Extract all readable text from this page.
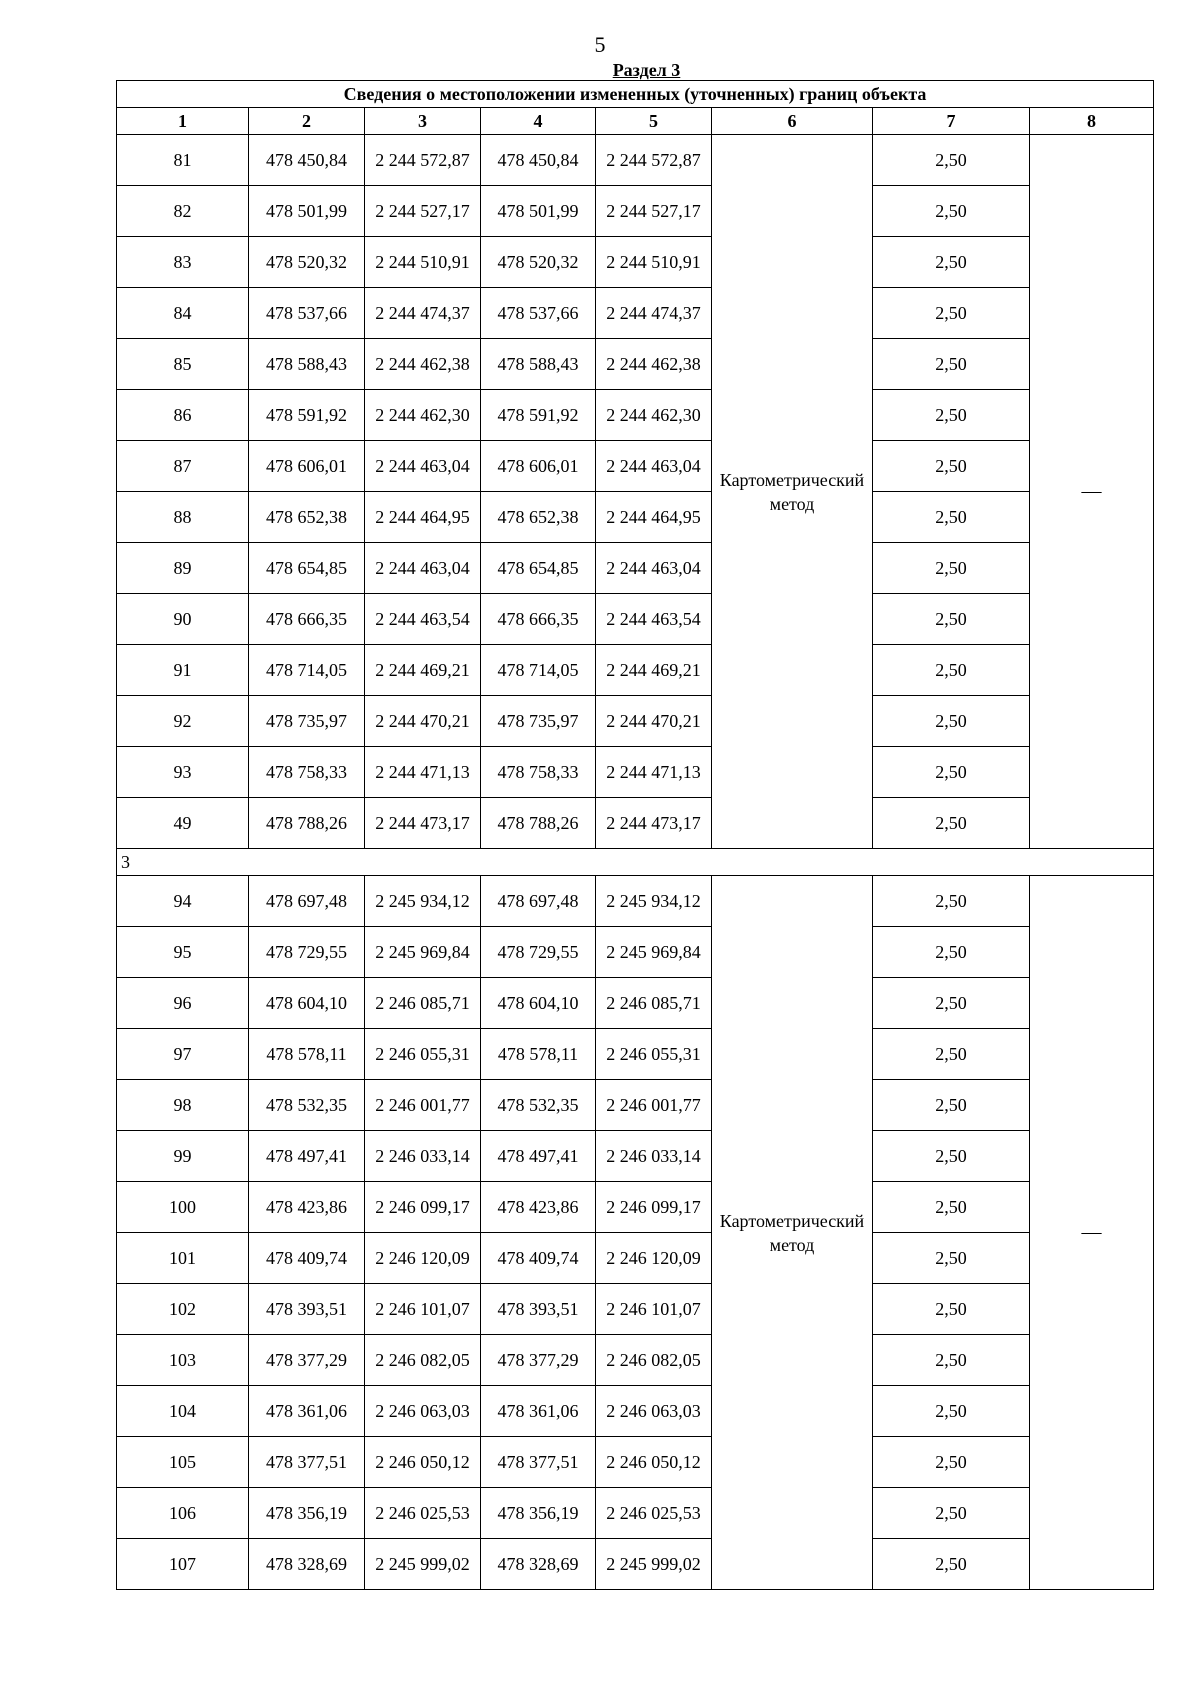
5
Раздел 3
Сведения о местоположении измененных (уточненных) границ объекта							
1	2	3	4	5	6	7	8
81	478 450,84	2 244 572,87	478 450,84	2 244 572,87	Картометрический метод	2,50	—
82	478 501,99	2 244 527,17	478 501,99	2 244 527,17		2,50	
83	478 520,32	2 244 510,91	478 520,32	2 244 510,91		2,50	
84	478 537,66	2 244 474,37	478 537,66	2 244 474,37		2,50	
85	478 588,43	2 244 462,38	478 588,43	2 244 462,38		2,50	
86	478 591,92	2 244 462,30	478 591,92	2 244 462,30		2,50	
87	478 606,01	2 244 463,04	478 606,01	2 244 463,04		2,50	
88	478 652,38	2 244 464,95	478 652,38	2 244 464,95		2,50	
89	478 654,85	2 244 463,04	478 654,85	2 244 463,04		2,50	
90	478 666,35	2 244 463,54	478 666,35	2 244 463,54		2,50	
91	478 714,05	2 244 469,21	478 714,05	2 244 469,21		2,50	
92	478 735,97	2 244 470,21	478 735,97	2 244 470,21		2,50	
93	478 758,33	2 244 471,13	478 758,33	2 244 471,13		2,50	
49	478 788,26	2 244 473,17	478 788,26	2 244 473,17		2,50	
3							
94	478 697,48	2 245 934,12	478 697,48	2 245 934,12	Картометрический метод	2,50	—
95	478 729,55	2 245 969,84	478 729,55	2 245 969,84		2,50	
96	478 604,10	2 246 085,71	478 604,10	2 246 085,71		2,50	
97	478 578,11	2 246 055,31	478 578,11	2 246 055,31		2,50	
98	478 532,35	2 246 001,77	478 532,35	2 246 001,77		2,50	
99	478 497,41	2 246 033,14	478 497,41	2 246 033,14		2,50	
100	478 423,86	2 246 099,17	478 423,86	2 246 099,17		2,50	
101	478 409,74	2 246 120,09	478 409,74	2 246 120,09		2,50	
102	478 393,51	2 246 101,07	478 393,51	2 246 101,07		2,50	
103	478 377,29	2 246 082,05	478 377,29	2 246 082,05		2,50	
104	478 361,06	2 246 063,03	478 361,06	2 246 063,03		2,50	
105	478 377,51	2 246 050,12	478 377,51	2 246 050,12		2,50	
106	478 356,19	2 246 025,53	478 356,19	2 246 025,53		2,50	
107	478 328,69	2 245 999,02	478 328,69	2 245 999,02		2,50	
